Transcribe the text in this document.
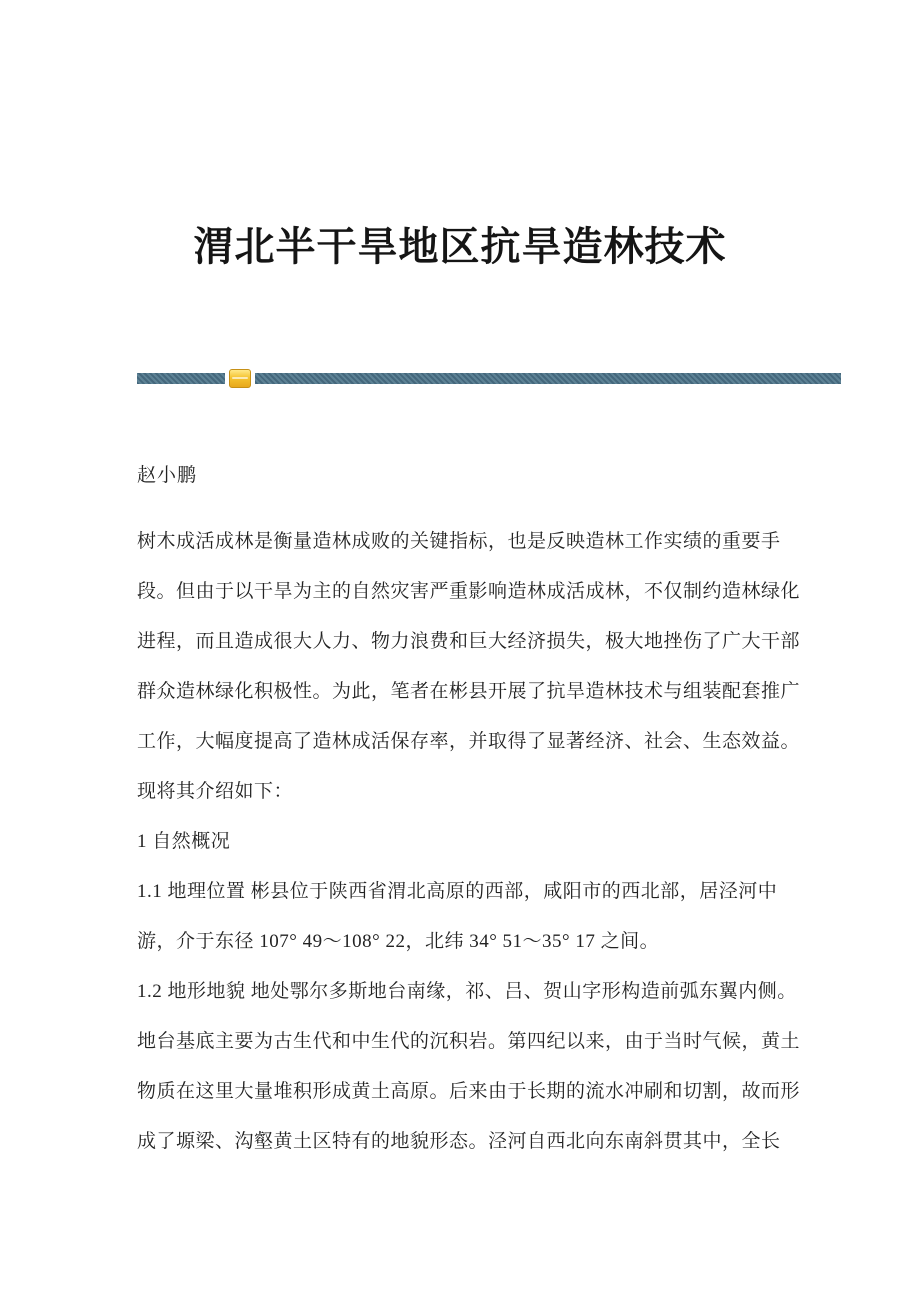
渭北半干旱地区抗旱造林技术
赵小鹏
树木成活成林是衡量造林成败的关键指标，也是反映造林工作实绩的重要手
段。但由于以干旱为主的自然灾害严重影响造林成活成林，不仅制约造林绿化
进程，而且造成很大人力、物力浪费和巨大经济损失，极大地挫伤了广大干部
群众造林绿化积极性。为此，笔者在彬县开展了抗旱造林技术与组装配套推广
工作，大幅度提高了造林成活保存率，并取得了显著经济、社会、生态效益。
现将其介绍如下：
1 自然概况
1.1 地理位置 彬县位于陕西省渭北高原的西部，咸阳市的西北部，居泾河中
游，介于东径 107° 49～108° 22，北纬 34° 51～35° 17 之间。
1.2 地形地貌 地处鄂尔多斯地台南缘，祁、吕、贺山字形构造前弧东翼内侧。
地台基底主要为古生代和中生代的沉积岩。第四纪以来，由于当时气候，黄土
物质在这里大量堆积形成黄土高原。后来由于长期的流水冲刷和切割，故而形
成了塬梁、沟壑黄土区特有的地貌形态。泾河自西北向东南斜贯其中，全长
